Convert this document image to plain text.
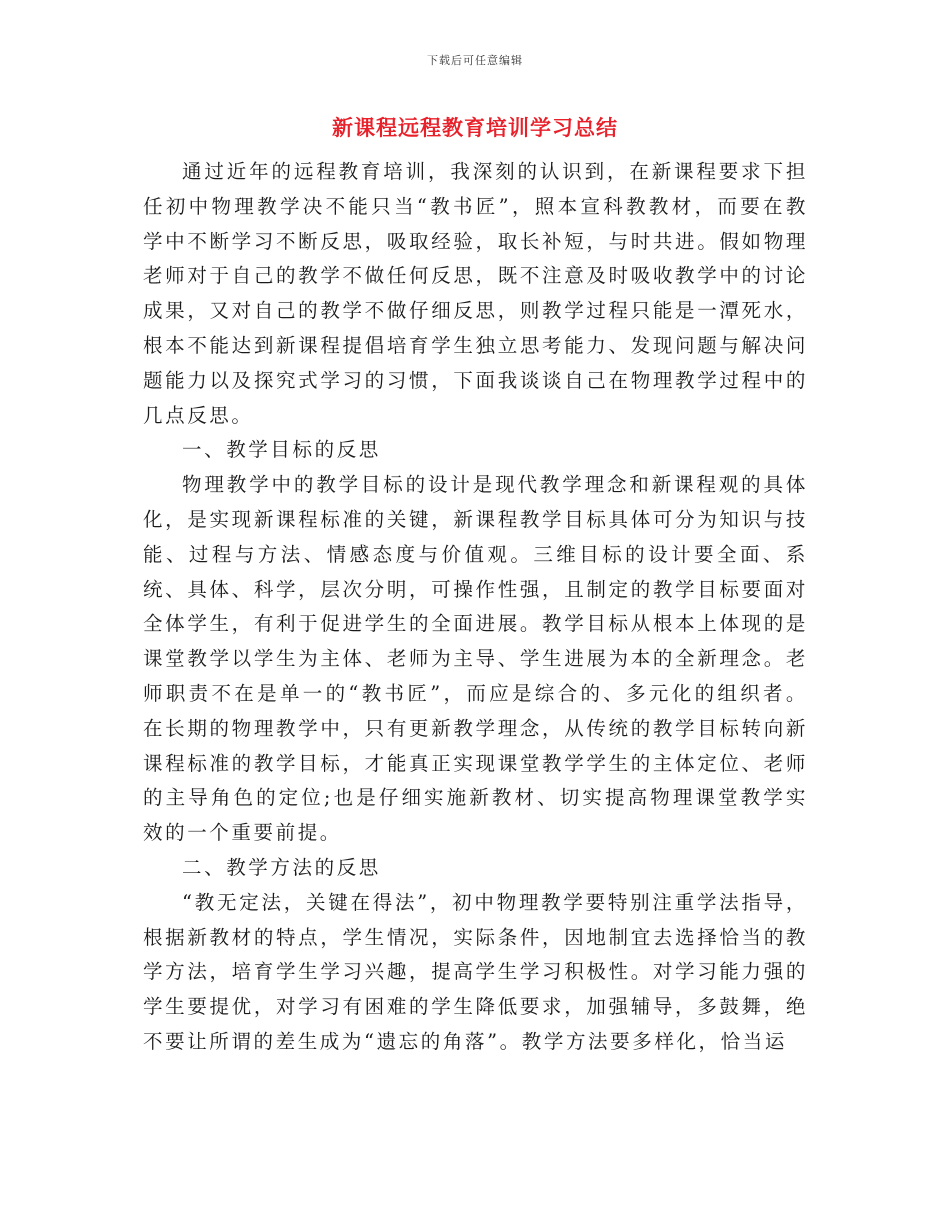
下载后可任意编辑
新课程远程教育培训学习总结

通过近年的远程教育培训，我深刻的认识到，在新课程要求下担任初中物理教学决不能只当“教书匠”，照本宣科教教材，而要在教学中不断学习不断反思，吸取经验，取长补短，与时共进。假如物理老师对于自己的教学不做任何反思，既不注意及时吸收教学中的讨论成果，又对自己的教学不做仔细反思，则教学过程只能是一潭死水，根本不能达到新课程提倡培育学生独立思考能力、发现问题与解决问题能力以及探究式学习的习惯，下面我谈谈自己在物理教学过程中的几点反思。

一、教学目标的反思

物理教学中的教学目标的设计是现代教学理念和新课程观的具体化，是实现新课程标准的关键，新课程教学目标具体可分为知识与技能、过程与方法、情感态度与价值观。三维目标的设计要全面、系统、具体、科学，层次分明，可操作性强，且制定的教学目标要面对全体学生，有利于促进学生的全面进展。教学目标从根本上体现的是课堂教学以学生为主体、老师为主导、学生进展为本的全新理念。老师职责不在是单一的“教书匠”，而应是综合的、多元化的组织者。在长期的物理教学中，只有更新教学理念，从传统的教学目标转向新课程标准的教学目标，才能真正实现课堂教学学生的主体定位、老师的主导角色的定位;也是仔细实施新教材、切实提高物理课堂教学实效的一个重要前提。

二、教学方法的反思

“教无定法，关键在得法”，初中物理教学要特别注重学法指导，根据新教材的特点，学生情况，实际条件，因地制宜去选择恰当的教学方法，培育学生学习兴趣，提高学生学习积极性。对学习能力强的学生要提优，对学习有困难的学生降低要求，加强辅导，多鼓舞，绝不要让所谓的差生成为“遗忘的角落”。教学方法要多样化，恰当运
